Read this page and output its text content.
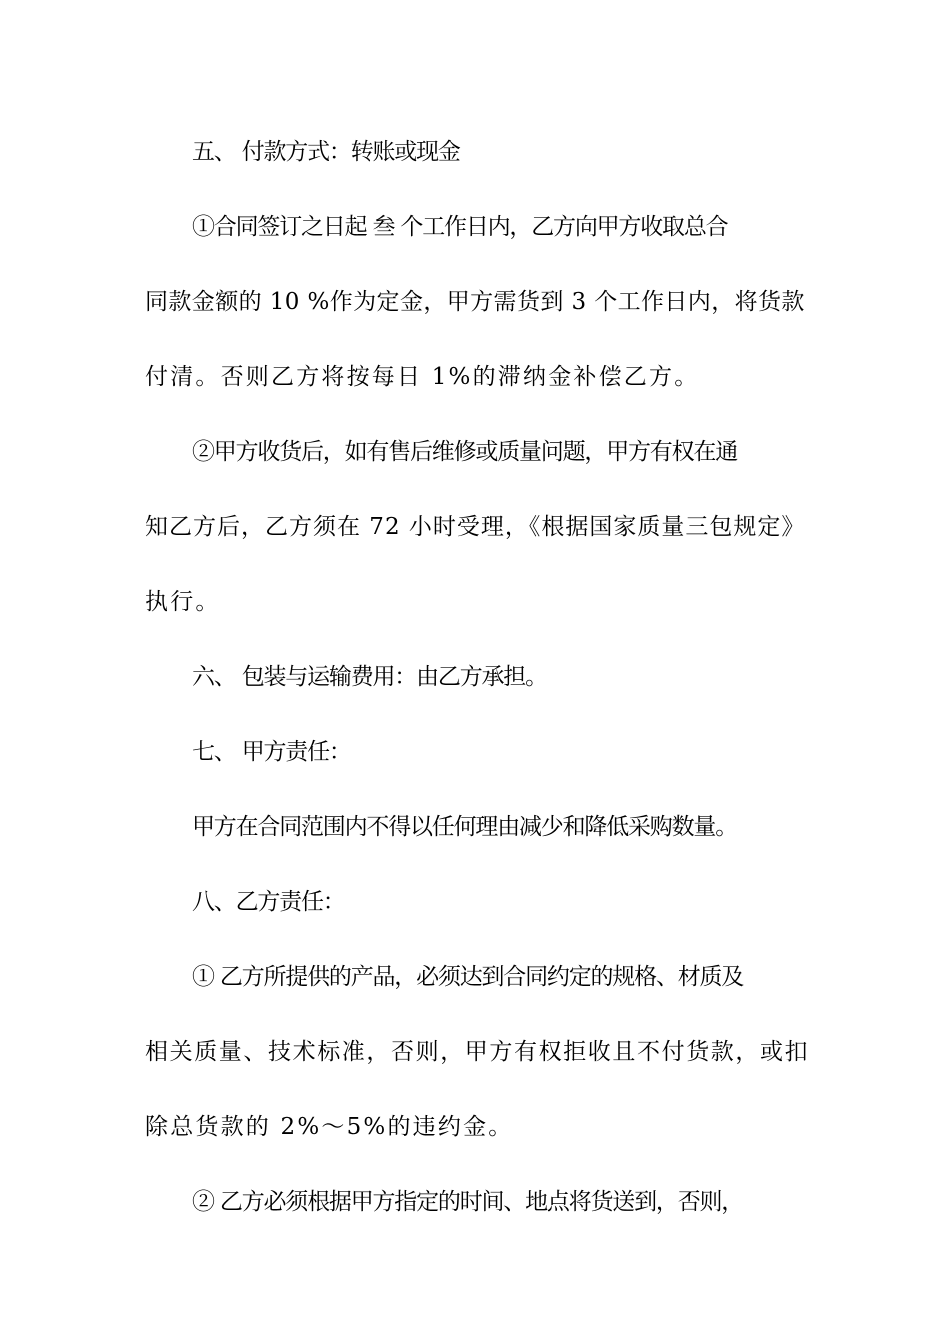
五、 付款方式：转账或现金
①合同签订之日起 叁 个工作日内，乙方向甲方收取总合
同款金额的 10 %作为定金，甲方需货到 3 个工作日内，将货款
付清。否则乙方将按每日 1%的滞纳金补偿乙方。
②甲方收货后，如有售后维修或质量问题，甲方有权在通
知乙方后，乙方须在 72 小时受理，《根据国家质量三包规定》
执行。
六、 包装与运输费用：由乙方承担。
七、 甲方责任：
甲方在合同范围内不得以任何理由减少和降低采购数量。
八、乙方责任：
① 乙方所提供的产品，必须达到合同约定的规格、材质及
相关质量、技术标准，否则，甲方有权拒收且不付货款，或扣
除总货款的 2%～5%的违约金。
② 乙方必须根据甲方指定的时间、地点将货送到，否则，
